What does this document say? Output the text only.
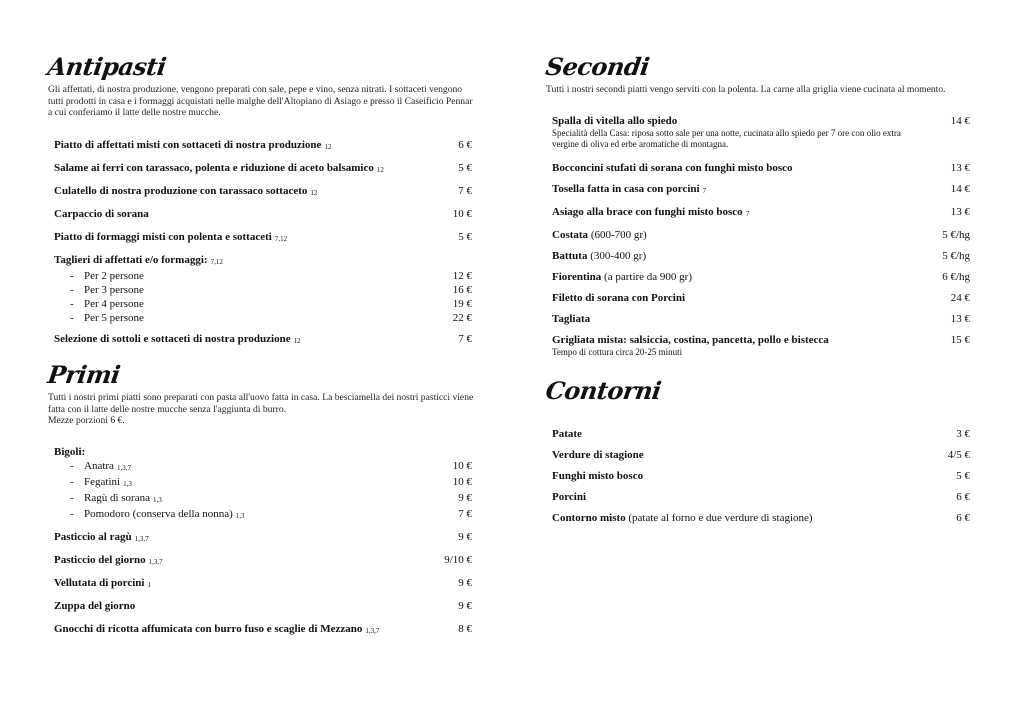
Antipasti
Gli affettati, di nostra produzione, vengono preparati con sale, pepe e vino, senza nitrati. I sottaceti vengono tutti prodotti in casa e i formaggi acquistati nelle malghe dell'Altopiano di Asiago e presso il Caseificio Pennar a cui conferiamo il latte delle nostre mucche.
Piatto di affettati misti con sottaceti di nostra produzione 12	6 €
Salame ai ferri con tarassaco, polenta e riduzione di aceto balsamico 12	5 €
Culatello di nostra produzione con tarassaco sottaceto 12	7 €
Carpaccio di sorana	10 €
Piatto di formaggi misti con polenta e sottaceti 7,12	5 €
Taglieri di affettati e/o formaggi: 7,12
- Per 2 persone	12 €
- Per 3 persone	16 €
- Per 4 persone	19 €
- Per 5 persone	22 €
Selezione di sottoli e sottaceti di nostra produzione 12	7 €
Primi
Tutti i nostri primi piatti sono preparati con pasta all'uovo fatta in casa. La besciamella dei nostri pasticci viene fatta con il latte delle nostre mucche senza l'aggiunta di burro.
Mezze porzioni 6 €.
Bigoli:
- Anatra 1,3,7	10 €
- Fegatini 1,3	10 €
- Ragù di sorana 1,3	9 €
- Pomodoro (conserva della nonna) 1,3	7 €
Pasticcio al ragù 1,3,7	9 €
Pasticcio del giorno 1,3,7	9/10 €
Vellutata di porcini 1	9 €
Zuppa del giorno	9 €
Gnocchi di ricotta affumicata con burro fuso e scaglie di Mezzano 1,3,7	8 €
Secondi
Tutti i nostri secondi piatti vengo serviti con la polenta. La carne alla griglia viene cucinata al momento.
Spalla di vitella allo spiedo	14 €
Specialità della Casa: riposa sotto sale per una notte, cucinata allo spiedo per 7 ore con olio extra vergine di oliva ed erbe aromatiche di montagna.
Bocconcini stufati di sorana con funghi misto bosco	13 €
Tosella fatta in casa con porcini 7	14 €
Asiago alla brace con funghi misto bosco 7	13 €
Costata (600-700 gr)	5 €/hg
Battuta (300-400 gr)	5 €/hg
Fiorentina (a partire da 900 gr)	6 €/hg
Filetto di sorana con Porcini	24 €
Tagliata	13 €
Grigliata mista: salsiccia, costina, pancetta, pollo e bistecca	15 €
Tempo di cottura circa 20-25 minuti
Contorni
Patate	3 €
Verdure di stagione	4/5 €
Funghi misto bosco	5 €
Porcini	6 €
Contorno misto (patate al forno e due verdure di stagione)	6 €
